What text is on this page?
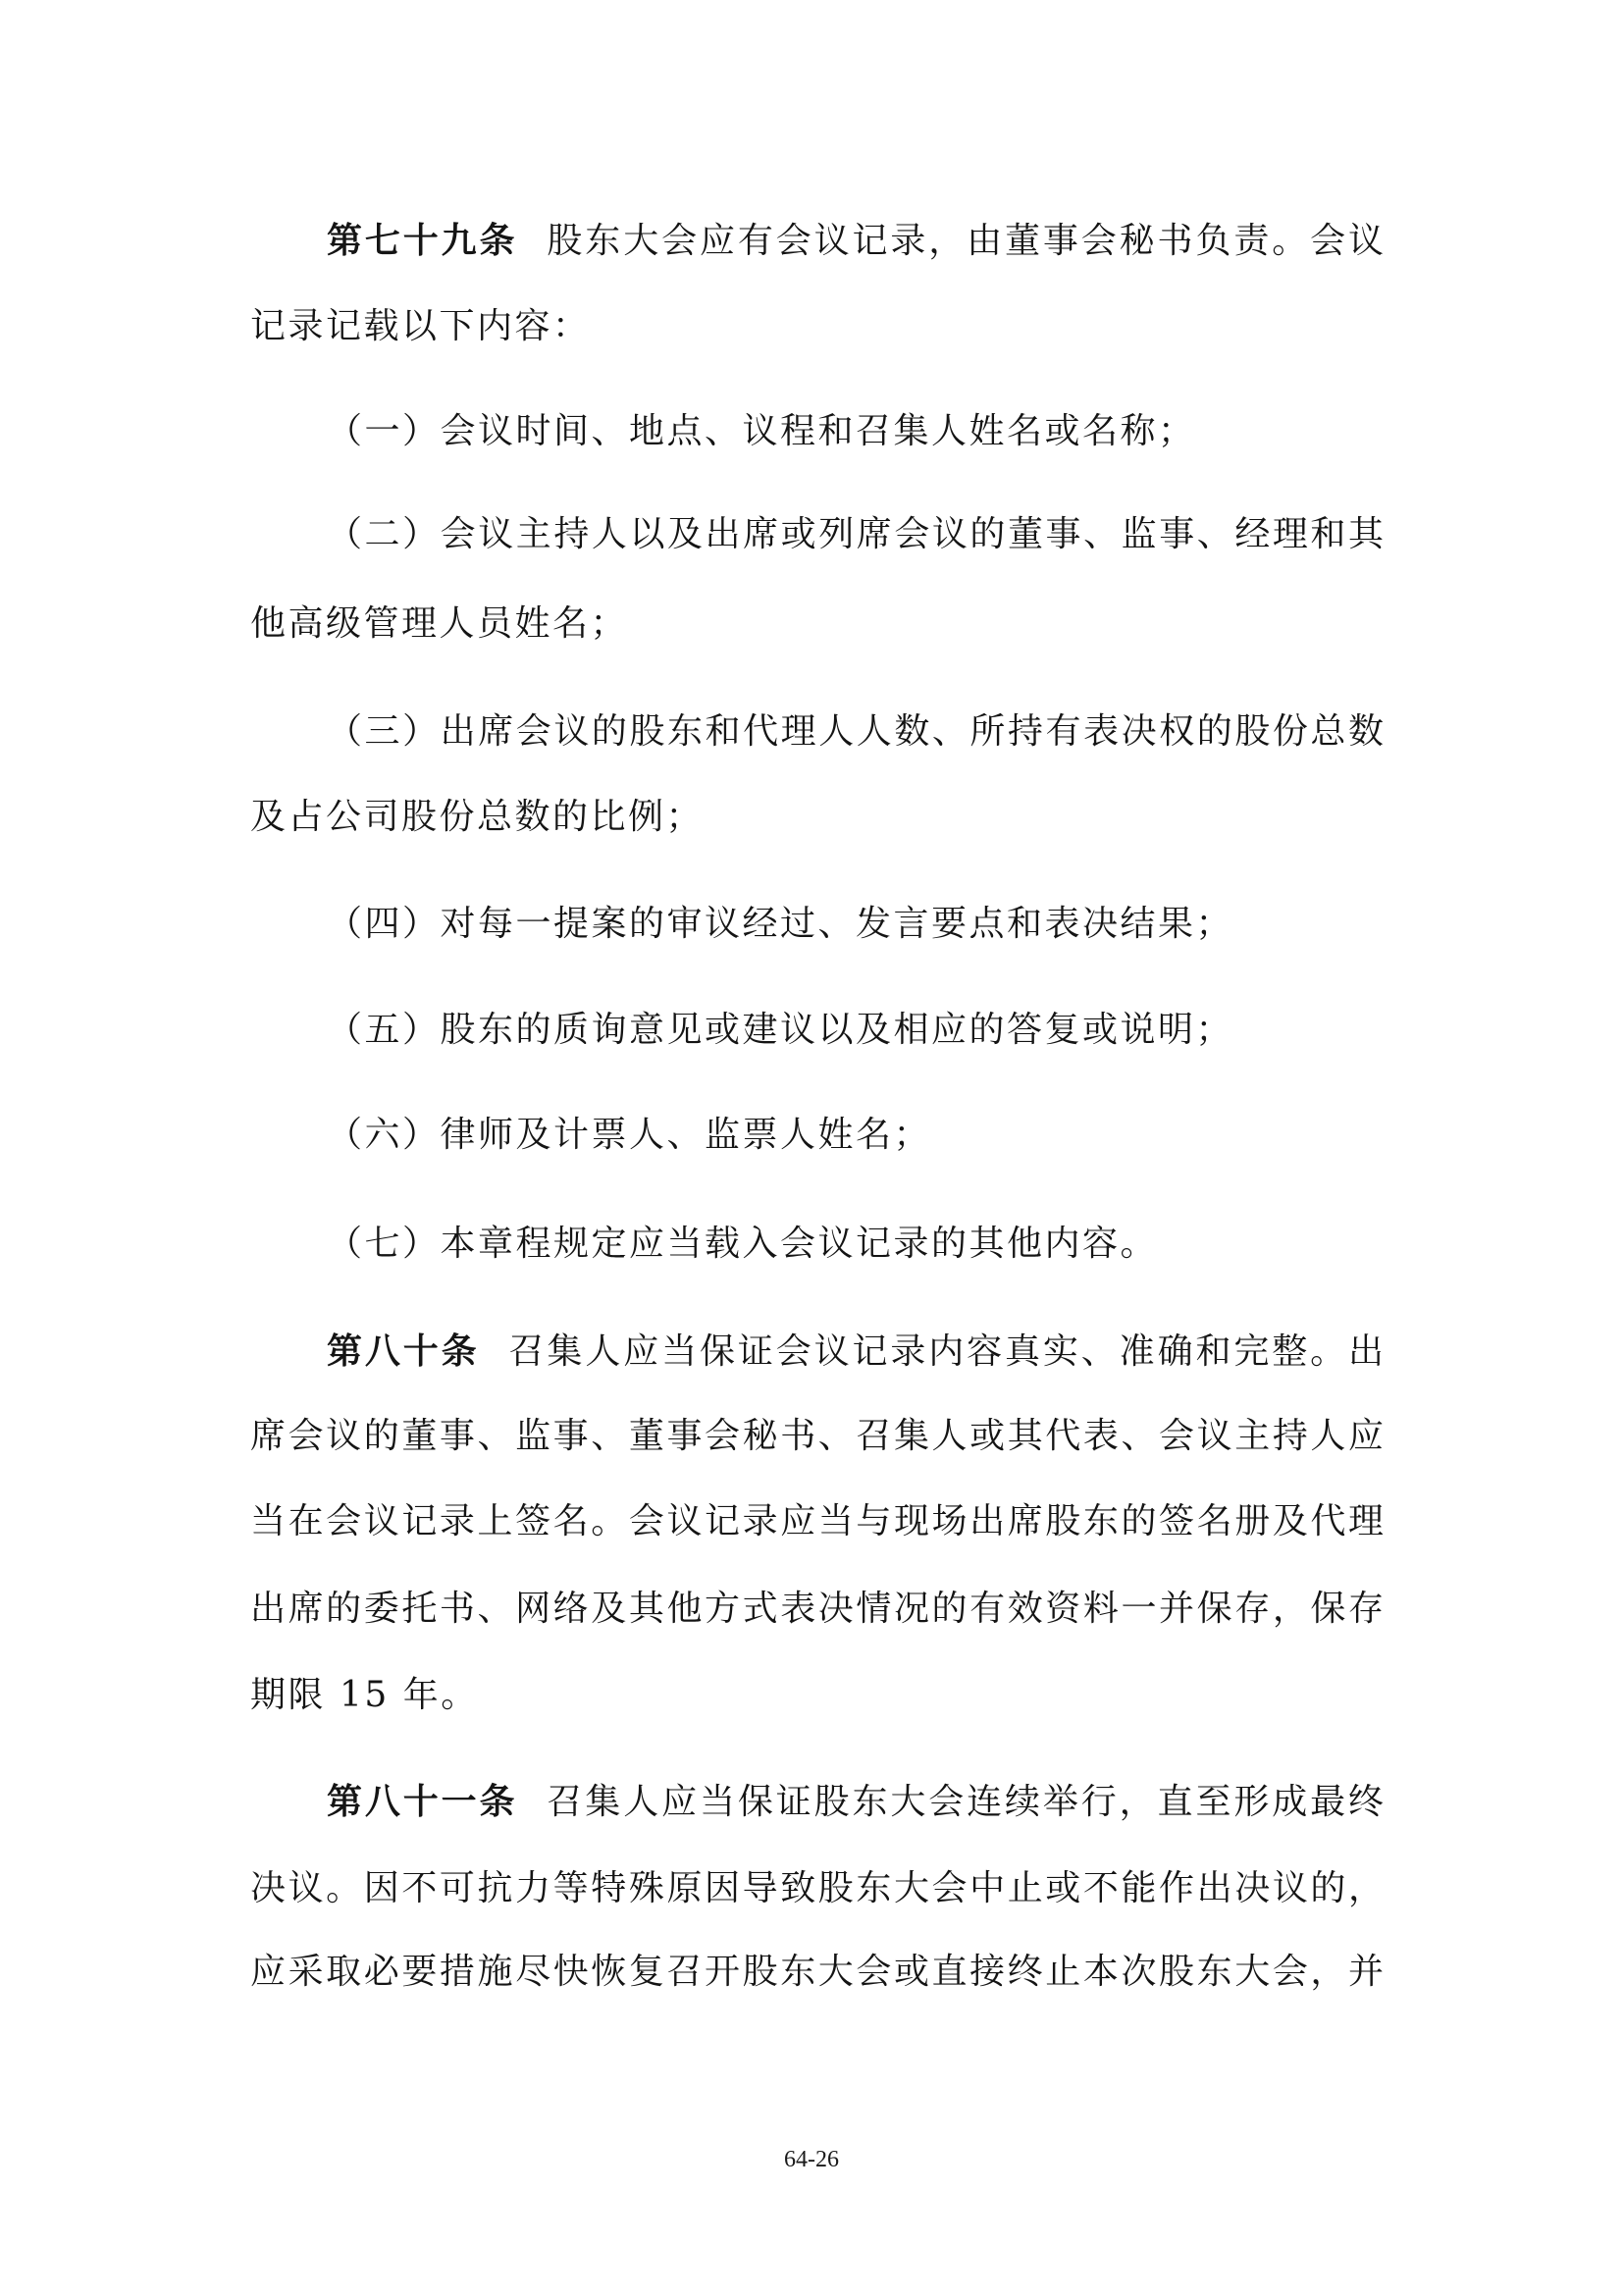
第七十九条 股东大会应有会议记录，由董事会秘书负责。会议
记录记载以下内容：
（一）会议时间、地点、议程和召集人姓名或名称；
（二）会议主持人以及出席或列席会议的董事、监事、经理和其
他高级管理人员姓名；
（三）出席会议的股东和代理人人数、所持有表决权的股份总数
及占公司股份总数的比例；
（四）对每一提案的审议经过、发言要点和表决结果；
（五）股东的质询意见或建议以及相应的答复或说明；
（六）律师及计票人、监票人姓名；
（七）本章程规定应当载入会议记录的其他内容。
第八十条 召集人应当保证会议记录内容真实、准确和完整。出
席会议的董事、监事、董事会秘书、召集人或其代表、会议主持人应
当在会议记录上签名。会议记录应当与现场出席股东的签名册及代理
出席的委托书、网络及其他方式表决情况的有效资料一并保存，保存
期限 15 年。
第八十一条 召集人应当保证股东大会连续举行，直至形成最终
决议。因不可抗力等特殊原因导致股东大会中止或不能作出决议的，
应采取必要措施尽快恢复召开股东大会或直接终止本次股东大会，并
64-26
